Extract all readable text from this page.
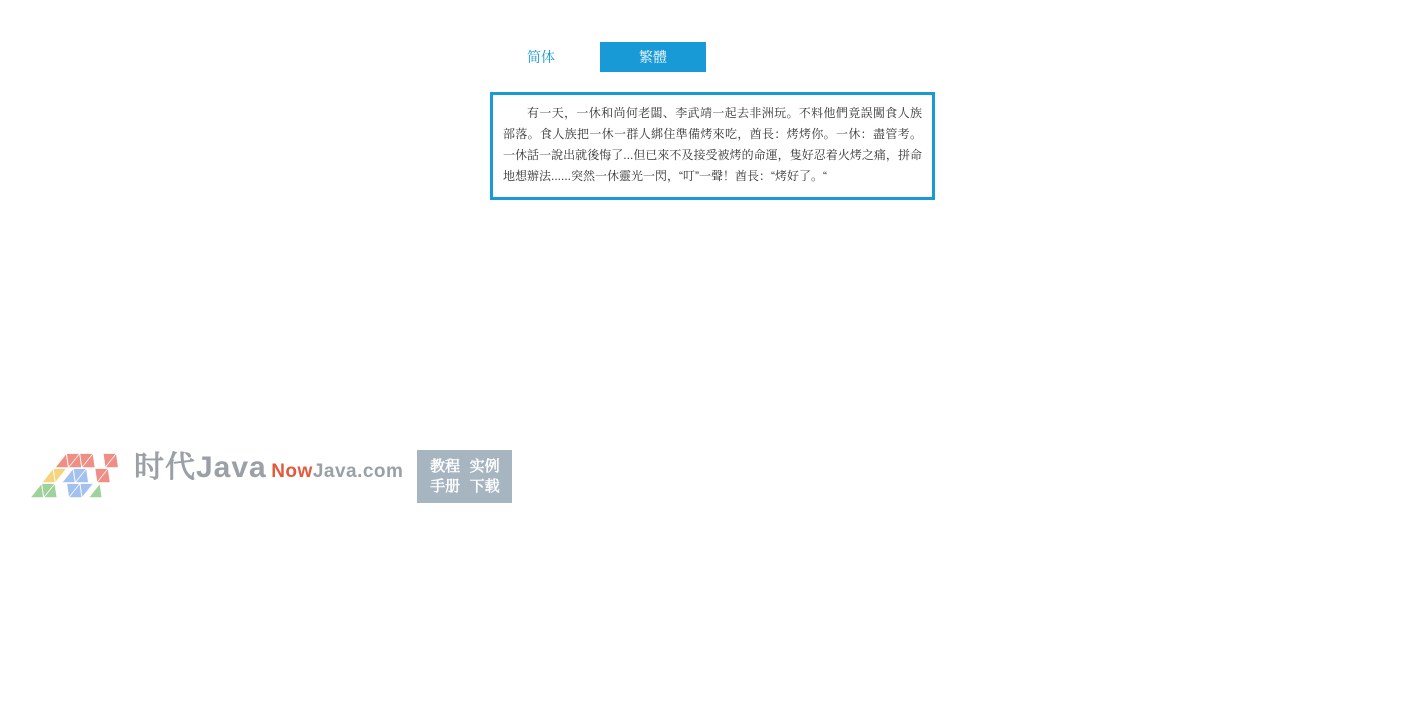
简体	繁體

有一天，一休和尚何老闆、李武靖一起去非洲玩。不料他們竟誤闖食人族部落。食人族把一休一群人綁住準備烤來吃，酋長：烤烤你。一休：盡管考。一休話一說出就後悔了...但已來不及接受被烤的命運，隻好忍着火烤之痛，拼命地想辦法......突然一休靈光一閃，“叮”一聲！酋長：“烤好了。“

时代Java NowJava.com 教程 实例
手册 下载
